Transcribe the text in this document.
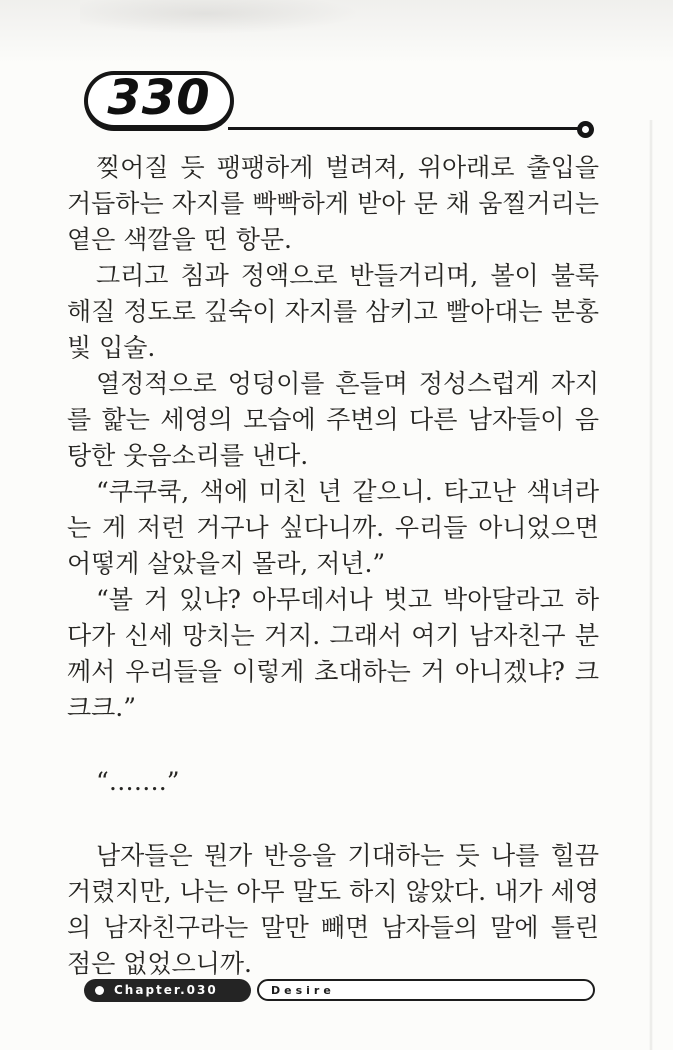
330

찢어질 듯 팽팽하게 벌려져, 위아래로 출입을 거듭하는 자지를 빡빡하게 받아 문 채 움찔거리는 옅은 색깔을 띤 항문.

그리고 침과 정액으로 반들거리며, 볼이 불룩해질 정도로 깊숙이 자지를 삼키고 빨아대는 분홍빛 입술.

열정적으로 엉덩이를 흔들며 정성스럽게 자지를 핥는 세영의 모습에 주변의 다른 남자들이 음탕한 웃음소리를 낸다.

“쿠쿠쿡, 색에 미친 년 같으니. 타고난 색녀라는 게 저런 거구나 싶다니까. 우리들 아니었으면 어떻게 살았을지 몰라, 저년.”

“볼 거 있냐? 아무데서나 벗고 박아달라고 하다가 신세 망치는 거지. 그래서 여기 남자친구 분께서 우리들을 이렇게 초대하는 거 아니겠냐? 크크크.”

“…….”

남자들은 뭔가 반응을 기대하는 듯 나를 힐끔거렸지만, 나는 아무 말도 하지 않았다. 내가 세영의 남자친구라는 말만 빼면 남자들의 말에 틀린 점은 없었으니까.

Chapter.030	Desire
